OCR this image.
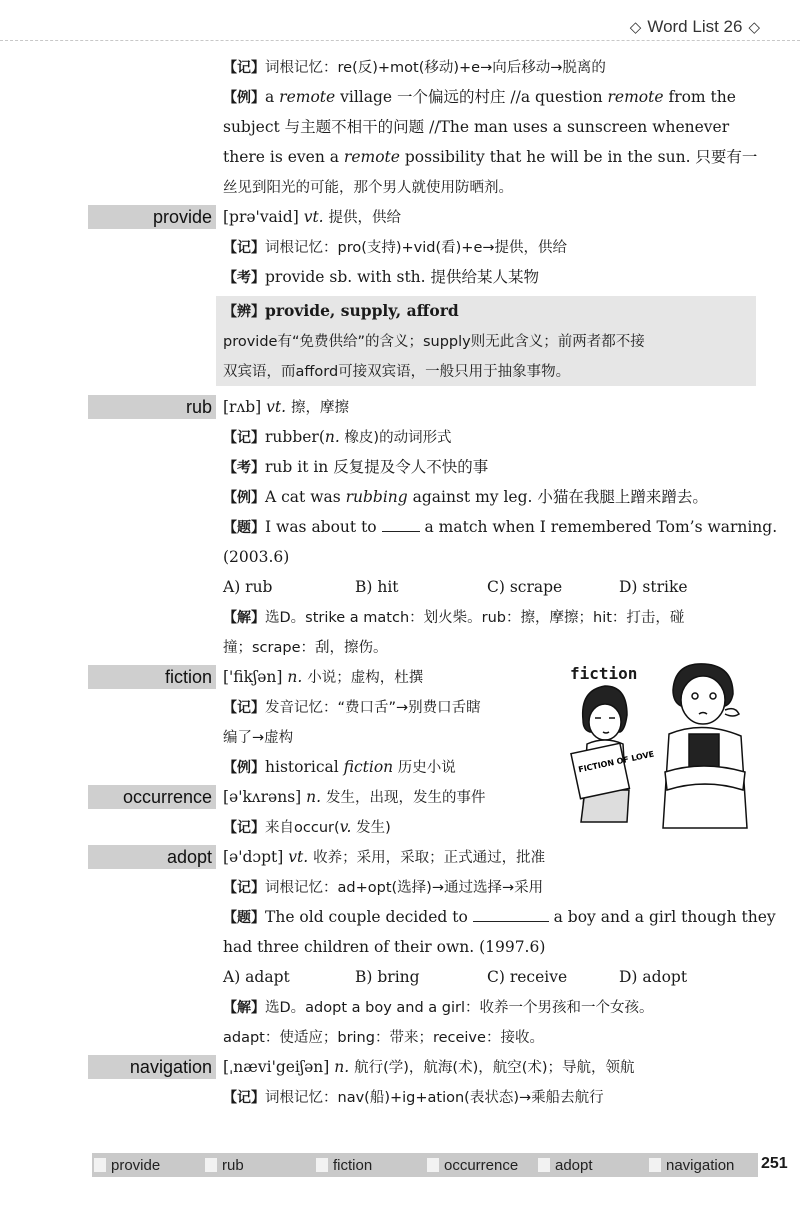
◇ Word List 26 ◇
【记】词根记忆：re(反)+mot(移动)+e→向后移动→脱离的
【例】a remote village 一个偏远的村庄 //a question remote from the
subject 与主题不相干的问题 //The man uses a sunscreen whenever
there is even a remote possibility that he will be in the sun. 只要有一
丝见到阳光的可能，那个男人就使用防晒剂。
provide [prə'vaid] vt. 提供，供给
【记】词根记忆：pro(支持)+vid(看)+e→提供，供给
【考】provide sb. with sth. 提供给某人某物
【辨】provide, supply, afford
provide有“免费供给”的含义；supply则无此含义；前两者都不接
双宾语，而afford可接双宾语，一般只用于抽象事物。
rub [rʌb] vt. 擦，摩擦
【记】rubber(n. 橡皮)的动词形式
【考】rub it in 反复提及令人不快的事
【例】A cat was rubbing against my leg. 小猫在我腿上蹭来蹭去。
【题】I was about to  a match when I remembered Tom’s warning.
(2003.6)
A) rub	B) hit	C) scrape	D) strike
【解】选D。strike a match：划火柴。rub：擦，摩擦；hit：打击，碰
撞；scrape：刮，擦伤。
fiction ['fikʃən] n. 小说；虚构，杜撰
【记】发音记忆：“费口舌”→别费口舌瞎
编了→虚构
【例】historical fiction 历史小说
occurrence [ə'kʌrəns] n. 发生，出现，发生的事件
【记】来自occur(v. 发生)
adopt [ə'dɔpt] vt. 收养；采用，采取；正式通过，批准
【记】词根记忆：ad+opt(选择)→通过选择→采用
【题】The old couple decided to	a boy and a girl though they
had three children of their own. (1997.6)
A) adapt	B) bring	C) receive	D) adopt
【解】选D。adopt a boy and a girl：收养一个男孩和一个女孩。
adapt：使适应；bring：带来；receive：接收。
navigation [ˌnævi'geiʃən] n. 航行(学)，航海(术)，航空(术)；导航，领航
【记】词根记忆：nav(船)+ig+ation(表状态)→乘船去航行
fiction
FICTION OF LOVE
provide	rub	fiction	occurrence adopt	navigation 251
